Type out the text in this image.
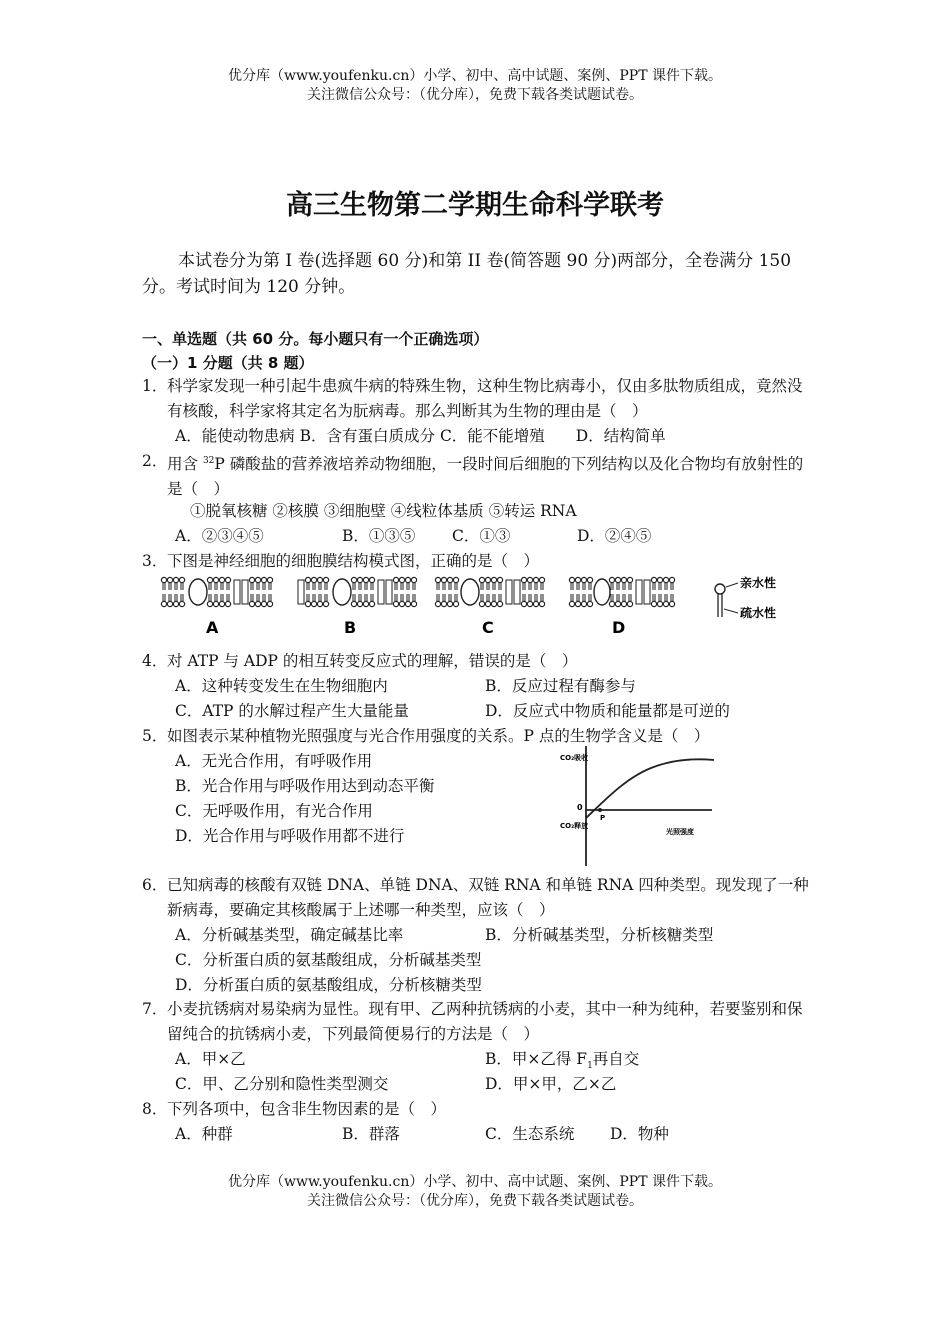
优分库（www.youfenku.cn）小学、初中、高中试题、案例、PPT 课件下载。
关注微信公众号：（优分库），免费下载各类试题试卷。
高三生物第二学期生命科学联考
本试卷分为第 I 卷(选择题 60 分)和第 II 卷(简答题 90 分)两部分，全卷满分 150 分。考试时间为 120 分钟。
一、单选题（共 60 分。每小题只有一个正确选项）
（一）1 分题（共 8 题）
1． 科学家发现一种引起牛患疯牛病的特殊生物，这种生物比病毒小，仅由多肽物质组成，竟然没有核酸，科学家将其定名为朊病毒。那么判断其为生物的理由是（　）
A．能使动物患病 B．含有蛋白质成分 C．能不能增殖　　D．结构简单
2． 用含 $^{32}$P 磷酸盐的营养液培养动物细胞，一段时间后细胞的下列结构以及化合物均有放射性的是（　）
①脱氧核糖 ②核膜 ③细胞壁 ④线粒体基质 ⑤转运 RNA
A．②③④⑤	B．①③⑤ C．①③	D．②④⑤
3． 下图是神经细胞的细胞膜结构模式图，正确的是（　）
A	B	C	D
亲水性
疏水性
4． 对 ATP 与 ADP 的相互转变反应式的理解，错误的是（　）
A．这种转变发生在生物细胞内	B．反应过程有酶参与
C．ATP 的水解过程产生大量能量	D．反应式中物质和能量都是可逆的
5． 如图表示某种植物光照强度与光合作用强度的关系。P 点的生物学含义是（　）
A．无光合作用，有呼吸作用
B．光合作用与呼吸作用达到动态平衡
C．无呼吸作用，有光合作用
D．光合作用与呼吸作用都不进行
CO₂吸收
CO₂释放
0
P
光照强度
6． 已知病毒的核酸有双链 DNA、单链 DNA、双链 RNA 和单链 RNA 四种类型。现发现了一种新病毒，要确定其核酸属于上述哪一种类型，应该（　）
A．分析碱基类型，确定碱基比率	B．分析碱基类型，分析核糖类型
C．分析蛋白质的氨基酸组成，分析碱基类型
D．分析蛋白质的氨基酸组成，分析核糖类型
7． 小麦抗锈病对易染病为显性。现有甲、乙两种抗锈病的小麦，其中一种为纯种，若要鉴别和保留纯合的抗锈病小麦，下列最简便易行的方法是（　）
A．甲×乙	B．甲×乙得 $F_1$再自交
C．甲、乙分别和隐性类型测交	D．甲×甲，乙×乙
8． 下列各项中，包含非生物因素的是（　）
A．种群	B．群落	C．生态系统 D．物种
优分库（www.youfenku.cn）小学、初中、高中试题、案例、PPT 课件下载。
关注微信公众号：（优分库），免费下载各类试题试卷。
